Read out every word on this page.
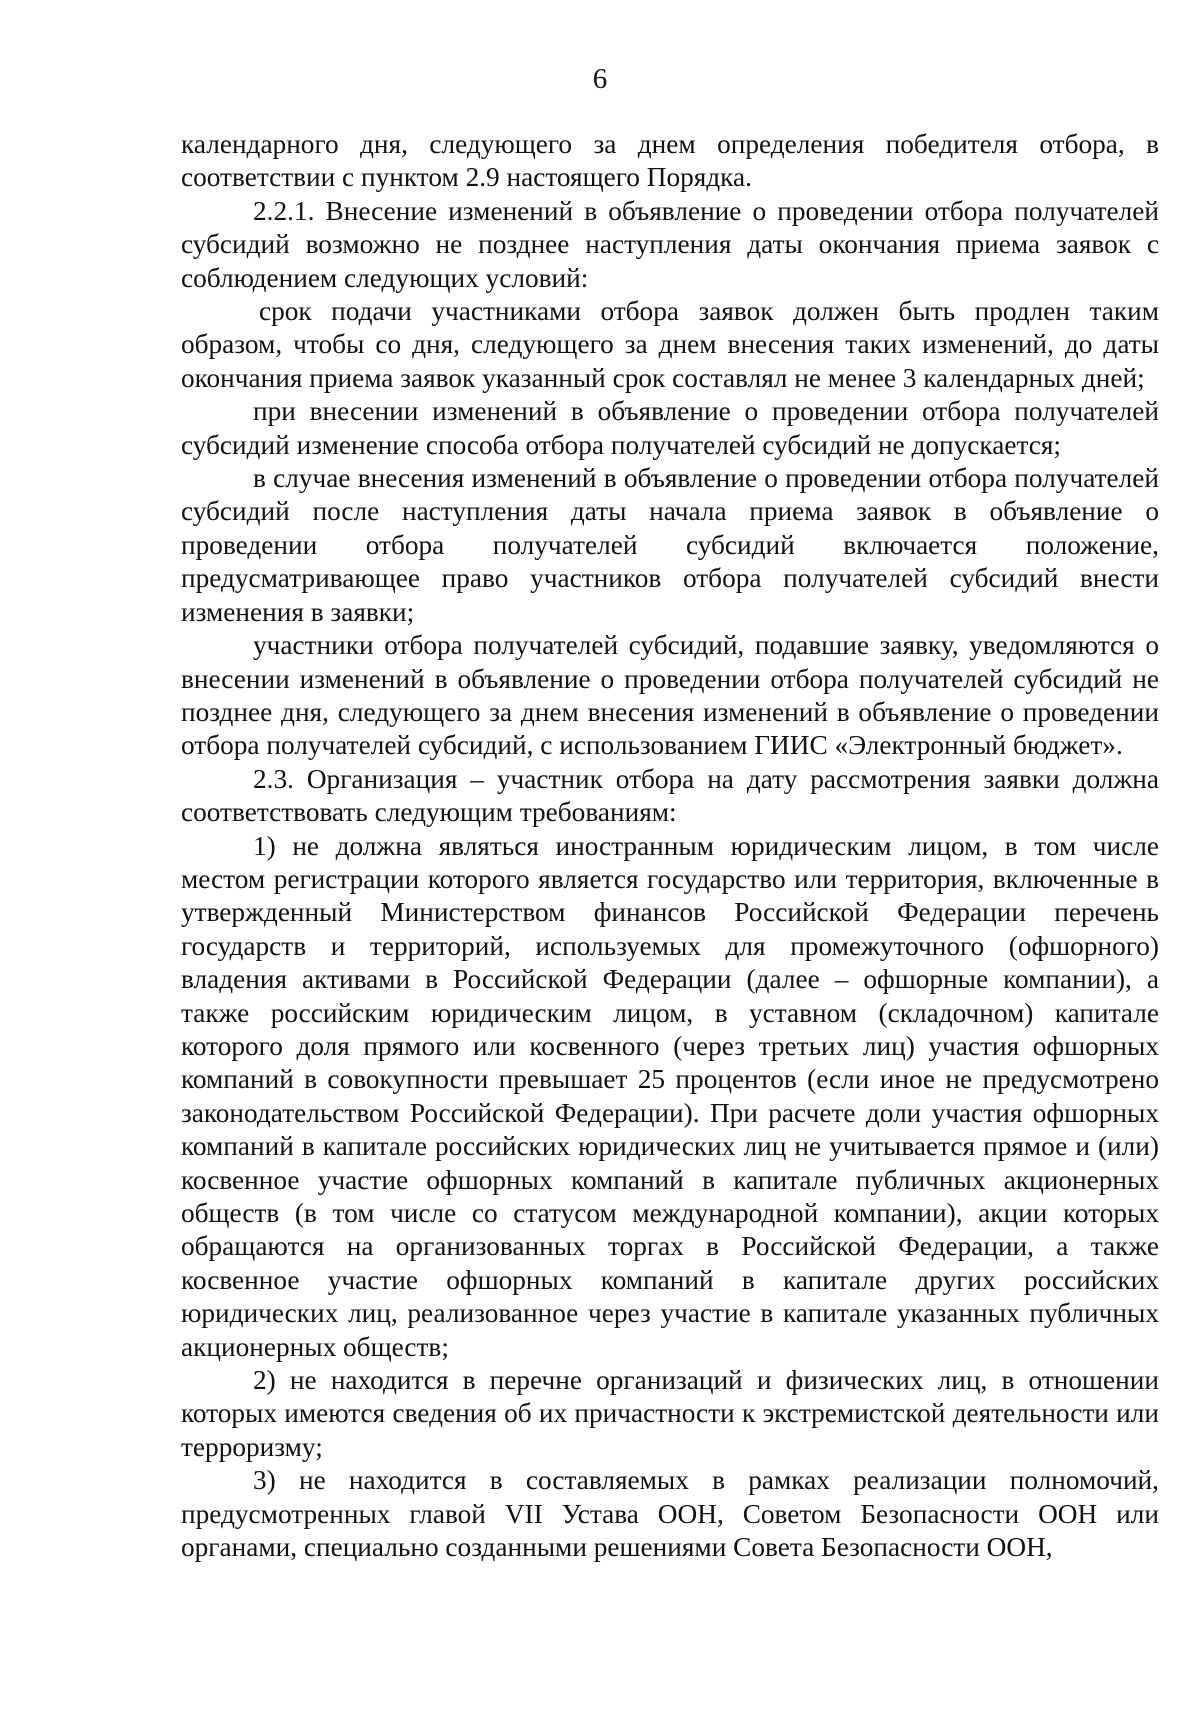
6

календарного дня, следующего за днем определения победителя отбора, в соответствии с пунктом 2.9 настоящего Порядка.

2.2.1. Внесение изменений в объявление о проведении отбора получателей субсидий возможно не позднее наступления даты окончания приема заявок с соблюдением следующих условий:

срок подачи участниками отбора заявок должен быть продлен таким образом, чтобы со дня, следующего за днем внесения таких изменений, до даты окончания приема заявок указанный срок составлял не менее 3 календарных дней;

при внесении изменений в объявление о проведении отбора получателей субсидий изменение способа отбора получателей субсидий не допускается;

в случае внесения изменений в объявление о проведении отбора получателей субсидий после наступления даты начала приема заявок в объявление о проведении отбора получателей субсидий включается положение, предусматривающее право участников отбора получателей субсидий внести изменения в заявки;

участники отбора получателей субсидий, подавшие заявку, уведомляются о внесении изменений в объявление о проведении отбора получателей субсидий не позднее дня, следующего за днем внесения изменений в объявление о проведении отбора получателей субсидий, с использованием ГИИС «Электронный бюджет».

2.3. Организация – участник отбора на дату рассмотрения заявки должна соответствовать следующим требованиям:

1) не должна являться иностранным юридическим лицом, в том числе местом регистрации которого является государство или территория, включенные в утвержденный Министерством финансов Российской Федерации перечень государств и территорий, используемых для промежуточного (офшорного) владения активами в Российской Федерации (далее – офшорные компании), а также российским юридическим лицом, в уставном (складочном) капитале которого доля прямого или косвенного (через третьих лиц) участия офшорных компаний в совокупности превышает 25 процентов (если иное не предусмотрено законодательством Российской Федерации). При расчете доли участия офшорных компаний в капитале российских юридических лиц не учитывается прямое и (или) косвенное участие офшорных компаний в капитале публичных акционерных обществ (в том числе со статусом международной компании), акции которых обращаются на организованных торгах в Российской Федерации, а также косвенное участие офшорных компаний в капитале других российских юридических лиц, реализованное через участие в капитале указанных публичных акционерных обществ;

2) не находится в перечне организаций и физических лиц, в отношении которых имеются сведения об их причастности к экстремистской деятельности или терроризму;

3) не находится в составляемых в рамках реализации полномочий, предусмотренных главой VII Устава ООН, Советом Безопасности ООН или органами, специально созданными решениями Совета Безопасности ООН,
